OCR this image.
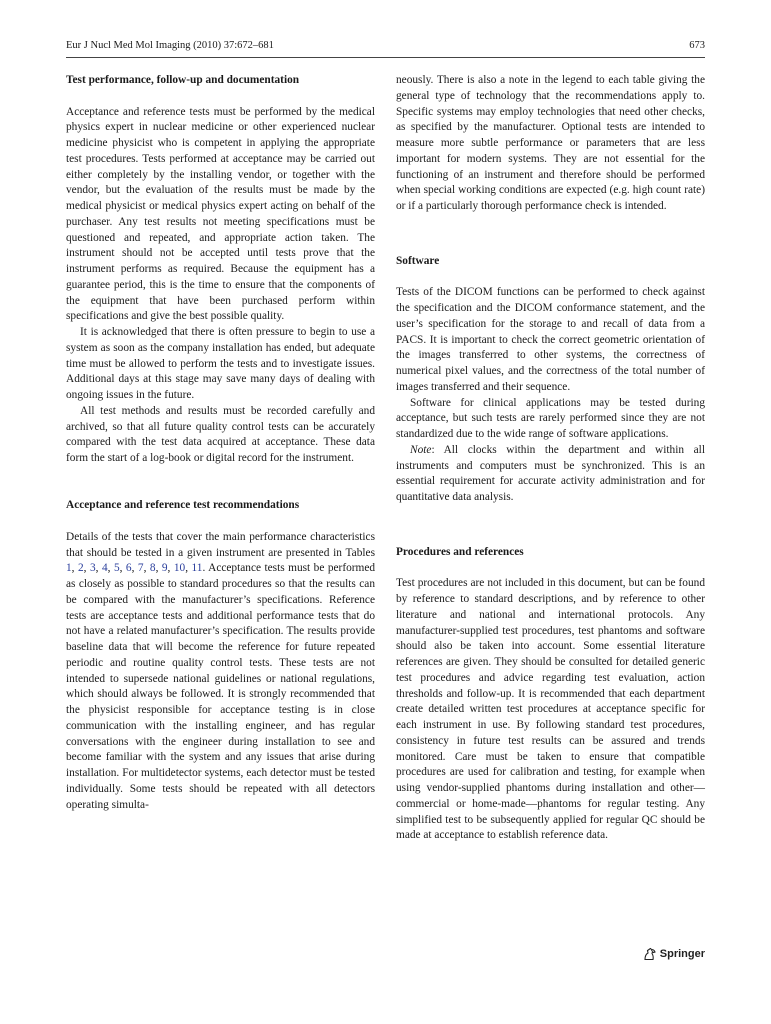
Eur J Nucl Med Mol Imaging (2010) 37:672–681	673
Test performance, follow-up and documentation

Acceptance and reference tests must be performed by the medical physics expert in nuclear medicine or other experienced nuclear medicine physicist who is competent in applying the appropriate test procedures. Tests performed at acceptance may be carried out either completely by the installing vendor, or together with the vendor, but the evaluation of the results must be made by the medical physicist or medical physics expert acting on behalf of the purchaser. Any test results not meeting specifications must be questioned and repeated, and appropriate action taken. The instrument should not be accepted until tests prove that the instrument performs as required. Because the equipment has a guarantee period, this is the time to ensure that the components of the equipment that have been purchased perform within specifications and give the best possible quality.

It is acknowledged that there is often pressure to begin to use a system as soon as the company installation has ended, but adequate time must be allowed to perform the tests and to investigate issues. Additional days at this stage may save many days of dealing with ongoing issues in the future.

All test methods and results must be recorded carefully and archived, so that all future quality control tests can be accurately compared with the test data acquired at acceptance. These data form the start of a log-book or digital record for the instrument.

Acceptance and reference test recommendations

Details of the tests that cover the main performance characteristics that should be tested in a given instrument are presented in Tables 1, 2, 3, 4, 5, 6, 7, 8, 9, 10, 11. Acceptance tests must be performed as closely as possible to standard procedures so that the results can be compared with the manufacturer’s specifications. Reference tests are acceptance tests and additional performance tests that do not have a related manufacturer’s specification. The results provide baseline data that will become the reference for future repeated periodic and routine quality control tests. These tests are not intended to supersede national guidelines or national regulations, which should always be followed. It is strongly recommended that the physicist responsible for acceptance testing is in close communication with the installing engineer, and has regular conversations with the engineer during installation to see and become familiar with the system and any issues that arise during installation. For multidetector systems, each detector must be tested individually. Some tests should be repeated with all detectors operating simulta-

neously. There is also a note in the legend to each table giving the general type of technology that the recommendations apply to. Specific systems may employ technologies that need other checks, as specified by the manufacturer. Optional tests are intended to measure more subtle performance or parameters that are less important for modern systems. They are not essential for the functioning of an instrument and therefore should be performed when special working conditions are expected (e.g. high count rate) or if a particularly thorough performance check is intended.

Software

Tests of the DICOM functions can be performed to check against the specification and the DICOM conformance statement, and the user’s specification for the storage to and recall of data from a PACS. It is important to check the correct geometric orientation of the images transferred to other systems, the correctness of numerical pixel values, and the correctness of the total number of images transferred and their sequence.

Software for clinical applications may be tested during acceptance, but such tests are rarely performed since they are not standardized due to the wide range of software applications.

Note: All clocks within the department and within all instruments and computers must be synchronized. This is an essential requirement for accurate activity administration and for quantitative data analysis.

Procedures and references

Test procedures are not included in this document, but can be found by reference to standard descriptions, and by reference to other literature and national and international protocols. Any manufacturer-supplied test procedures, test phantoms and software should also be taken into account. Some essential literature references are given. They should be consulted for detailed generic test procedures and advice regarding test evaluation, action thresholds and follow-up. It is recommended that each department create detailed written test procedures at acceptance specific for each instrument in use. By following standard test procedures, consistency in future test results can be assured and trends monitored. Care must be taken to ensure that compatible procedures are used for calibration and testing, for example when using vendor-supplied phantoms during installation and other—commercial or home-made—phantoms for regular testing. Any simplified test to be subsequently applied for regular QC should be made at acceptance to establish reference data.

Springer
